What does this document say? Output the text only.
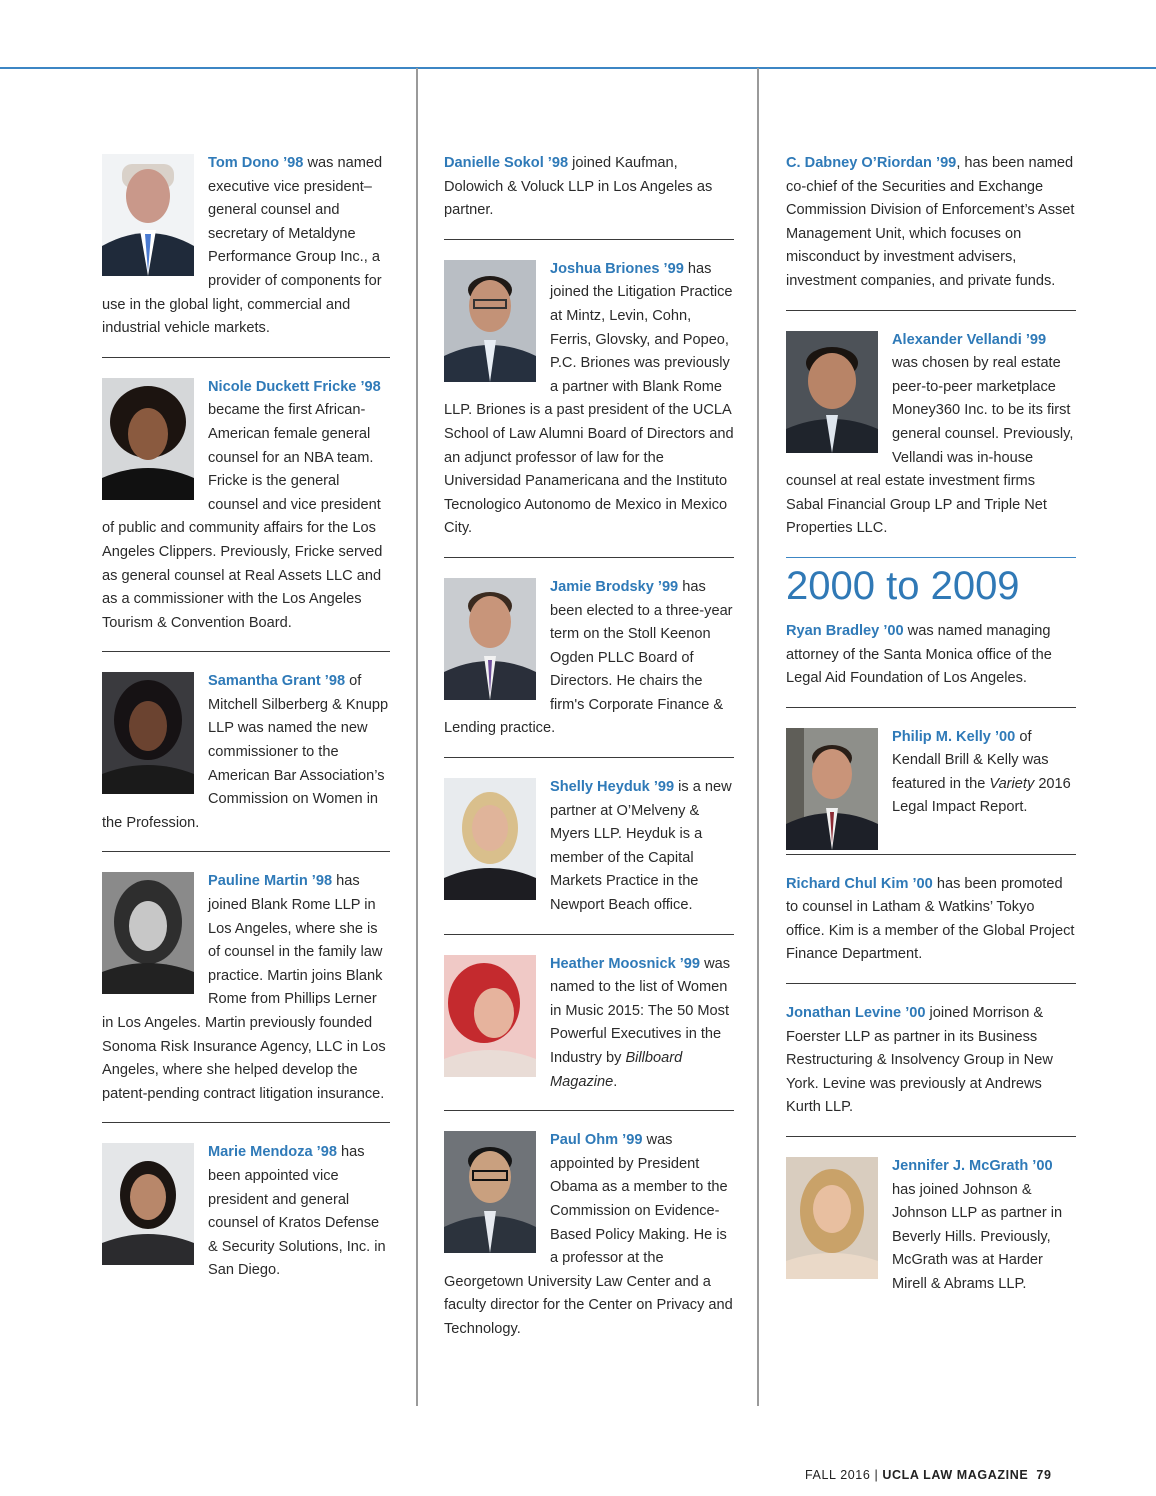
Tom Dono ’98 was named executive vice president–general counsel and secretary of Metaldyne Performance Group Inc., a provider of components for use in the global light, commercial and industrial vehicle markets.
Nicole Duckett Fricke ’98 became the first African-American female general counsel for an NBA team. Fricke is the general counsel and vice president of public and community affairs for the Los Angeles Clippers. Previously, Fricke served as general counsel at Real Assets LLC and as a commissioner with the Los Angeles Tourism & Convention Board.
Samantha Grant ’98 of Mitchell Silberberg & Knupp LLP was named the new commissioner to the American Bar Association’s Commission on Women in the Profession.
Pauline Martin ’98 has joined Blank Rome LLP in Los Angeles, where she is of counsel in the family law practice. Martin joins Blank Rome from Phillips Lerner in Los Angeles. Martin previously founded Sonoma Risk Insurance Agency, LLC in Los Angeles, where she helped develop the patent-pending contract litigation insurance.
Marie Mendoza ’98 has been appointed vice president and general counsel of Kratos Defense & Security Solutions, Inc. in San Diego.
Danielle Sokol ’98 joined Kaufman, Dolowich & Voluck LLP in Los Angeles as partner.
Joshua Briones ’99 has joined the Litigation Practice at Mintz, Levin, Cohn, Ferris, Glovsky, and Popeo, P.C. Briones was previously a partner with Blank Rome LLP. Briones is a past president of the UCLA School of Law Alumni Board of Directors and an adjunct professor of law for the Universidad Panamericana and the Instituto Tecnologico Autonomo de Mexico in Mexico City.
Jamie Brodsky ’99 has been elected to a three-year term on the Stoll Keenon Ogden PLLC Board of Directors. He chairs the firm's Corporate Finance & Lending practice.
Shelly Heyduk ’99 is a new partner at O’Melveny & Myers LLP. Heyduk is a member of the Capital Markets Practice in the Newport Beach office.
Heather Moosnick ’99 was named to the list of Women in Music 2015: The 50 Most Powerful Executives in the Industry by Billboard Magazine.
Paul Ohm ’99 was appointed by President Obama as a member to the Commission on Evidence-Based Policy Making. He is a professor at the Georgetown University Law Center and a faculty director for the Center on Privacy and Technology.
C. Dabney O’Riordan ’99, has been named co-chief of the Securities and Exchange Commission Division of Enforcement’s Asset Management Unit, which focuses on misconduct by investment advisers, investment companies, and private funds.
Alexander Vellandi ’99 was chosen by real estate peer-to-peer marketplace Money360 Inc. to be its first general counsel. Previously, Vellandi was in-house counsel at real estate investment firms Sabal Financial Group LP and Triple Net Properties LLC.
2000 to 2009
Ryan Bradley ’00 was named managing attorney of the Santa Monica office of the Legal Aid Foundation of Los Angeles.
Philip M. Kelly ’00 of Kendall Brill & Kelly was featured in the Variety 2016 Legal Impact Report.
Richard Chul Kim ’00 has been promoted to counsel in Latham & Watkins’ Tokyo office. Kim is a member of the Global Project Finance Department.
Jonathan Levine ’00 joined Morrison & Foerster LLP as partner in its Business Restructuring & Insolvency Group in New York. Levine was previously at Andrews Kurth LLP.
Jennifer J. McGrath ’00 has joined Johnson & Johnson LLP as partner in Beverly Hills. Previously, McGrath was at Harder Mirell & Abrams LLP.
FALL 2016 | UCLA LAW MAGAZINE 79
